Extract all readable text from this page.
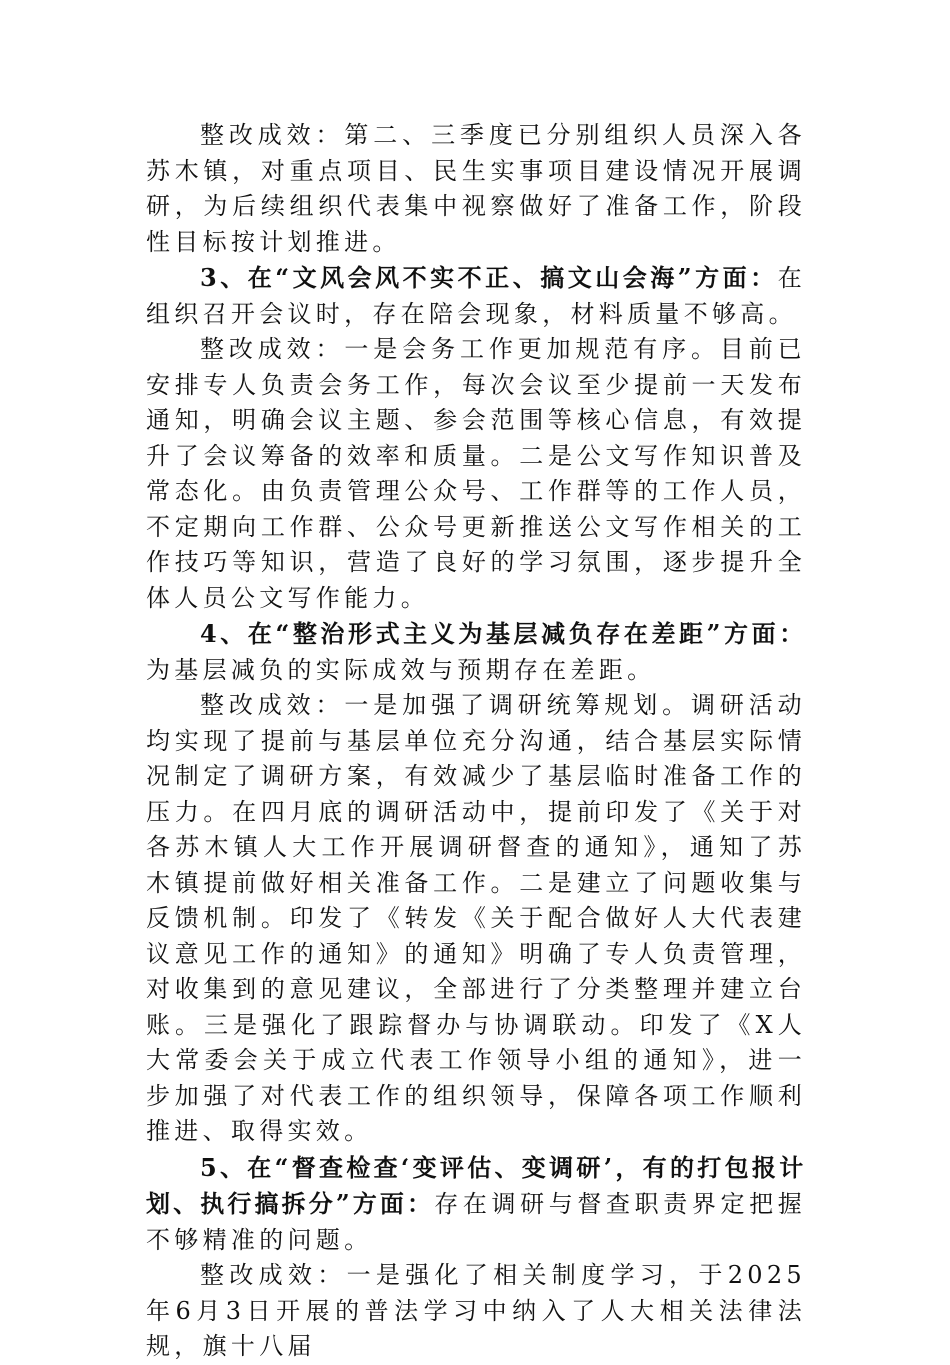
整改成效：第二、三季度已分别组织人员深入各苏木镇，对重点项目、民生实事项目建设情况开展调研，为后续组织代表集中视察做好了准备工作，阶段性目标按计划推进。

3、在“文风会风不实不正、搞文山会海”方面：在组织召开会议时，存在陪会现象，材料质量不够高。

整改成效：一是会务工作更加规范有序。目前已安排专人负责会务工作，每次会议至少提前一天发布通知，明确会议主题、参会范围等核心信息，有效提升了会议筹备的效率和质量。二是公文写作知识普及常态化。由负责管理公众号、工作群等的工作人员，不定期向工作群、公众号更新推送公文写作相关的工作技巧等知识，营造了良好的学习氛围，逐步提升全体人员公文写作能力。

4、在“整治形式主义为基层减负存在差距”方面：为基层减负的实际成效与预期存在差距。

整改成效：一是加强了调研统筹规划。调研活动均实现了提前与基层单位充分沟通，结合基层实际情况制定了调研方案，有效减少了基层临时准备工作的压力。在四月底的调研活动中，提前印发了《关于对各苏木镇人大工作开展调研督查的通知》，通知了苏木镇提前做好相关准备工作。二是建立了问题收集与反馈机制。印发了《转发《关于配合做好人大代表建议意见工作的通知》的通知》明确了专人负责管理，对收集到的意见建议，全部进行了分类整理并建立台账。三是强化了跟踪督办与协调联动。印发了《X人大常委会关于成立代表工作领导小组的通知》，进一步加强了对代表工作的组织领导，保障各项工作顺利推进、取得实效。

5、在“督查检查‘变评估、变调研’，有的打包报计划、执行搞拆分”方面：存在调研与督查职责界定把握不够精准的问题。

整改成效：一是强化了相关制度学习，于2025年6月3日开展的普法学习中纳入了人大相关法律法规，旗十八届
